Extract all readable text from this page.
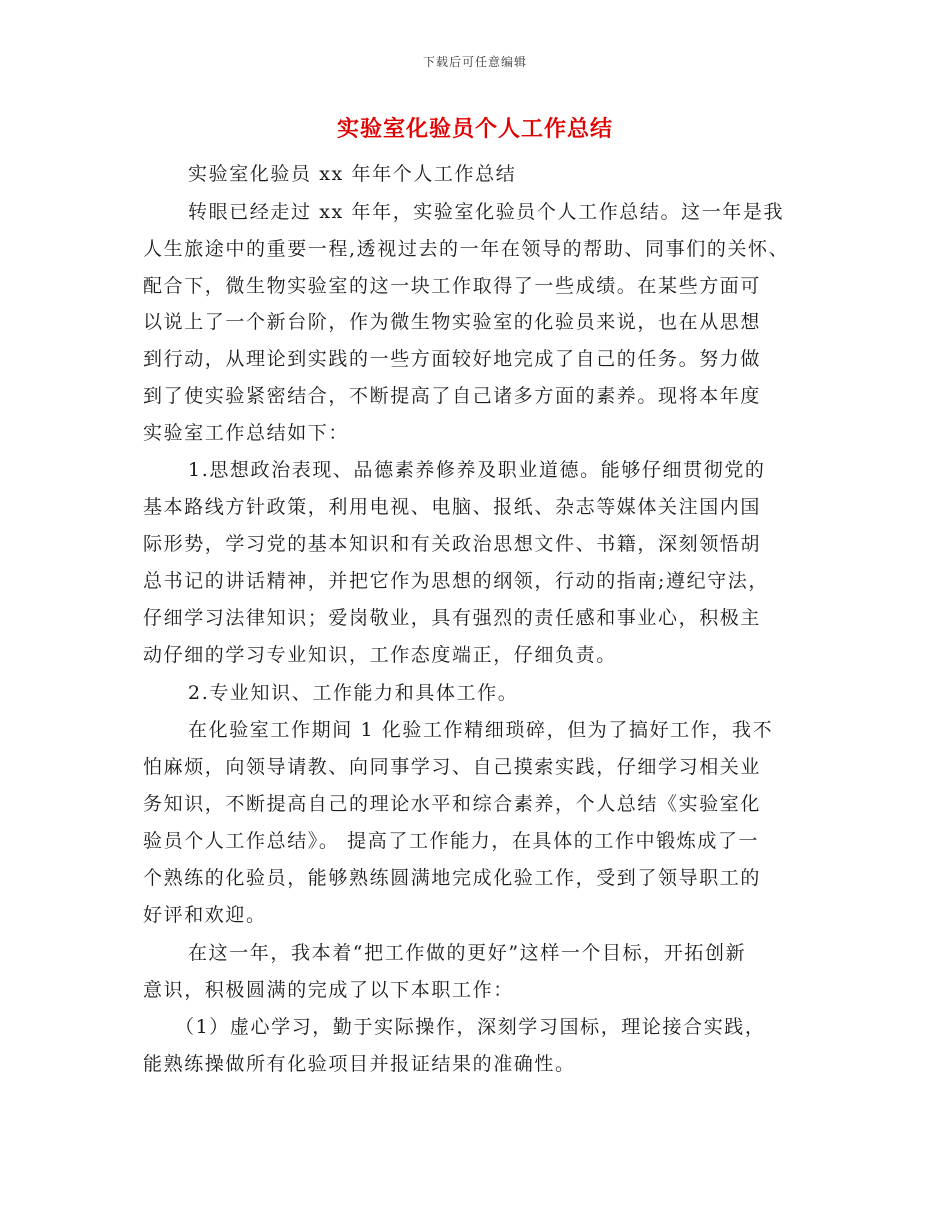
下载后可任意编辑
实验室化验员个人工作总结
实验室化验员 xx 年年个人工作总结
转眼已经走过 xx 年年，实验室化验员个人工作总结。这一年是我
人生旅途中的重要一程,透视过去的一年在领导的帮助、同事们的关怀、
配合下，微生物实验室的这一块工作取得了一些成绩。在某些方面可
以说上了一个新台阶，作为微生物实验室的化验员来说，也在从思想
到行动，从理论到实践的一些方面较好地完成了自己的任务。努力做
到了使实验紧密结合，不断提高了自己诸多方面的素养。现将本年度
实验室工作总结如下：
1.思想政治表现、品德素养修养及职业道德。能够仔细贯彻党的
基本路线方针政策，利用电视、电脑、报纸、杂志等媒体关注国内国
际形势，学习党的基本知识和有关政治思想文件、书籍，深刻领悟胡
总书记的讲话精神，并把它作为思想的纲领，行动的指南;遵纪守法，
仔细学习法律知识；爱岗敬业，具有强烈的责任感和事业心，积极主
动仔细的学习专业知识，工作态度端正，仔细负责。
2.专业知识、工作能力和具体工作。
在化验室工作期间 1 化验工作精细琐碎，但为了搞好工作，我不
怕麻烦，向领导请教、向同事学习、自己摸索实践，仔细学习相关业
务知识，不断提高自己的理论水平和综合素养，个人总结《实验室化
验员个人工作总结》。 提高了工作能力，在具体的工作中锻炼成了一
个熟练的化验员，能够熟练圆满地完成化验工作，受到了领导职工的
好评和欢迎。
在这一年，我本着“把工作做的更好”这样一个目标，开拓创新
意识，积极圆满的完成了以下本职工作：
（1）虚心学习，勤于实际操作，深刻学习国标，理论接合实践，
能熟练操做所有化验项目并报证结果的准确性。
